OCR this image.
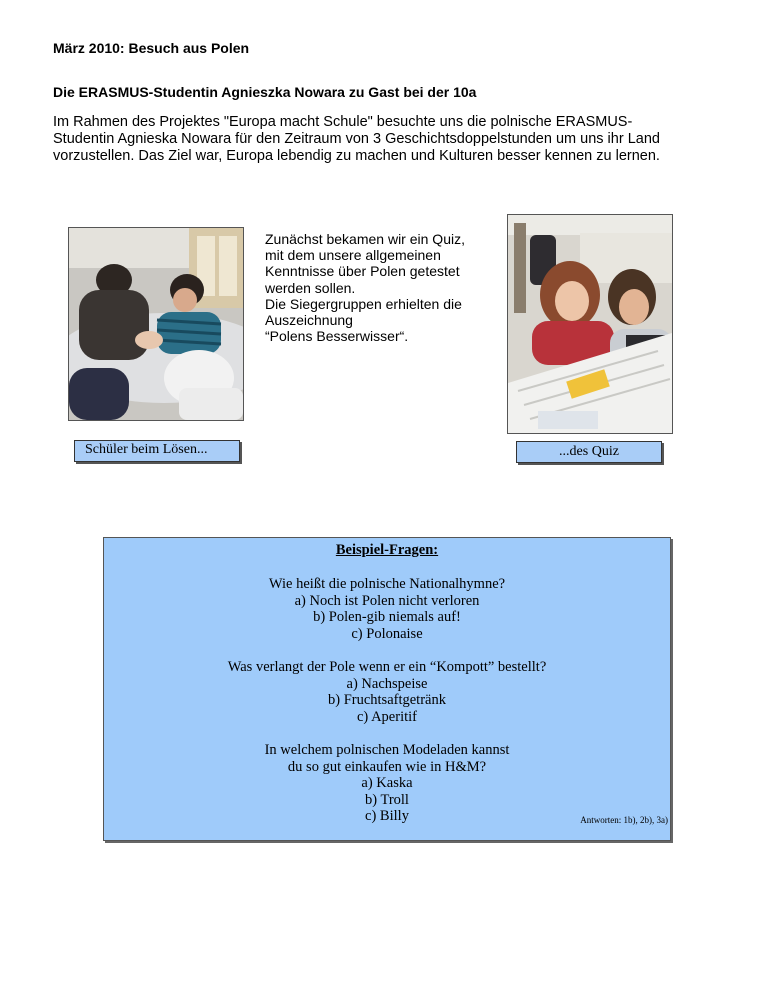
März 2010: Besuch aus Polen
Die ERASMUS-Studentin Agnieszka Nowara zu Gast bei der 10a

Im Rahmen des Projektes "Europa macht Schule" besuchte uns die polnische ERASMUS-

Studentin Agnieska Nowara für den Zeitraum von 3 Geschichtsdoppelstunden um uns ihr Land

vorzustellen. Das Ziel war, Europa lebendig zu machen und Kulturen besser kennen zu lernen.

Zunächst bekamen wir ein Quiz,

mit dem unsere allgemeinen

Kenntnisse über Polen getestet

werden sollen.

Die Siegergruppen erhielten die

Auszeichnung

“Polens Besserwisser“.

Schüler beim Lösen...	...des Quiz
Beispiel-Fragen:
Wie heißt die polnische Nationalhymne?
a) Noch ist Polen nicht verloren
b) Polen-gib niemals auf!
c) Polonaise
Was verlangt der Pole wenn er ein “Kompott” bestellt?
a) Nachspeise
b) Fruchtsaftgetränk
c) Aperitif
In welchem polnischen Modeladen kannst
du so gut einkaufen wie in H&M?
a) Kaska
b) Troll
c) Billy	Antworten: 1b), 2b), 3a)
